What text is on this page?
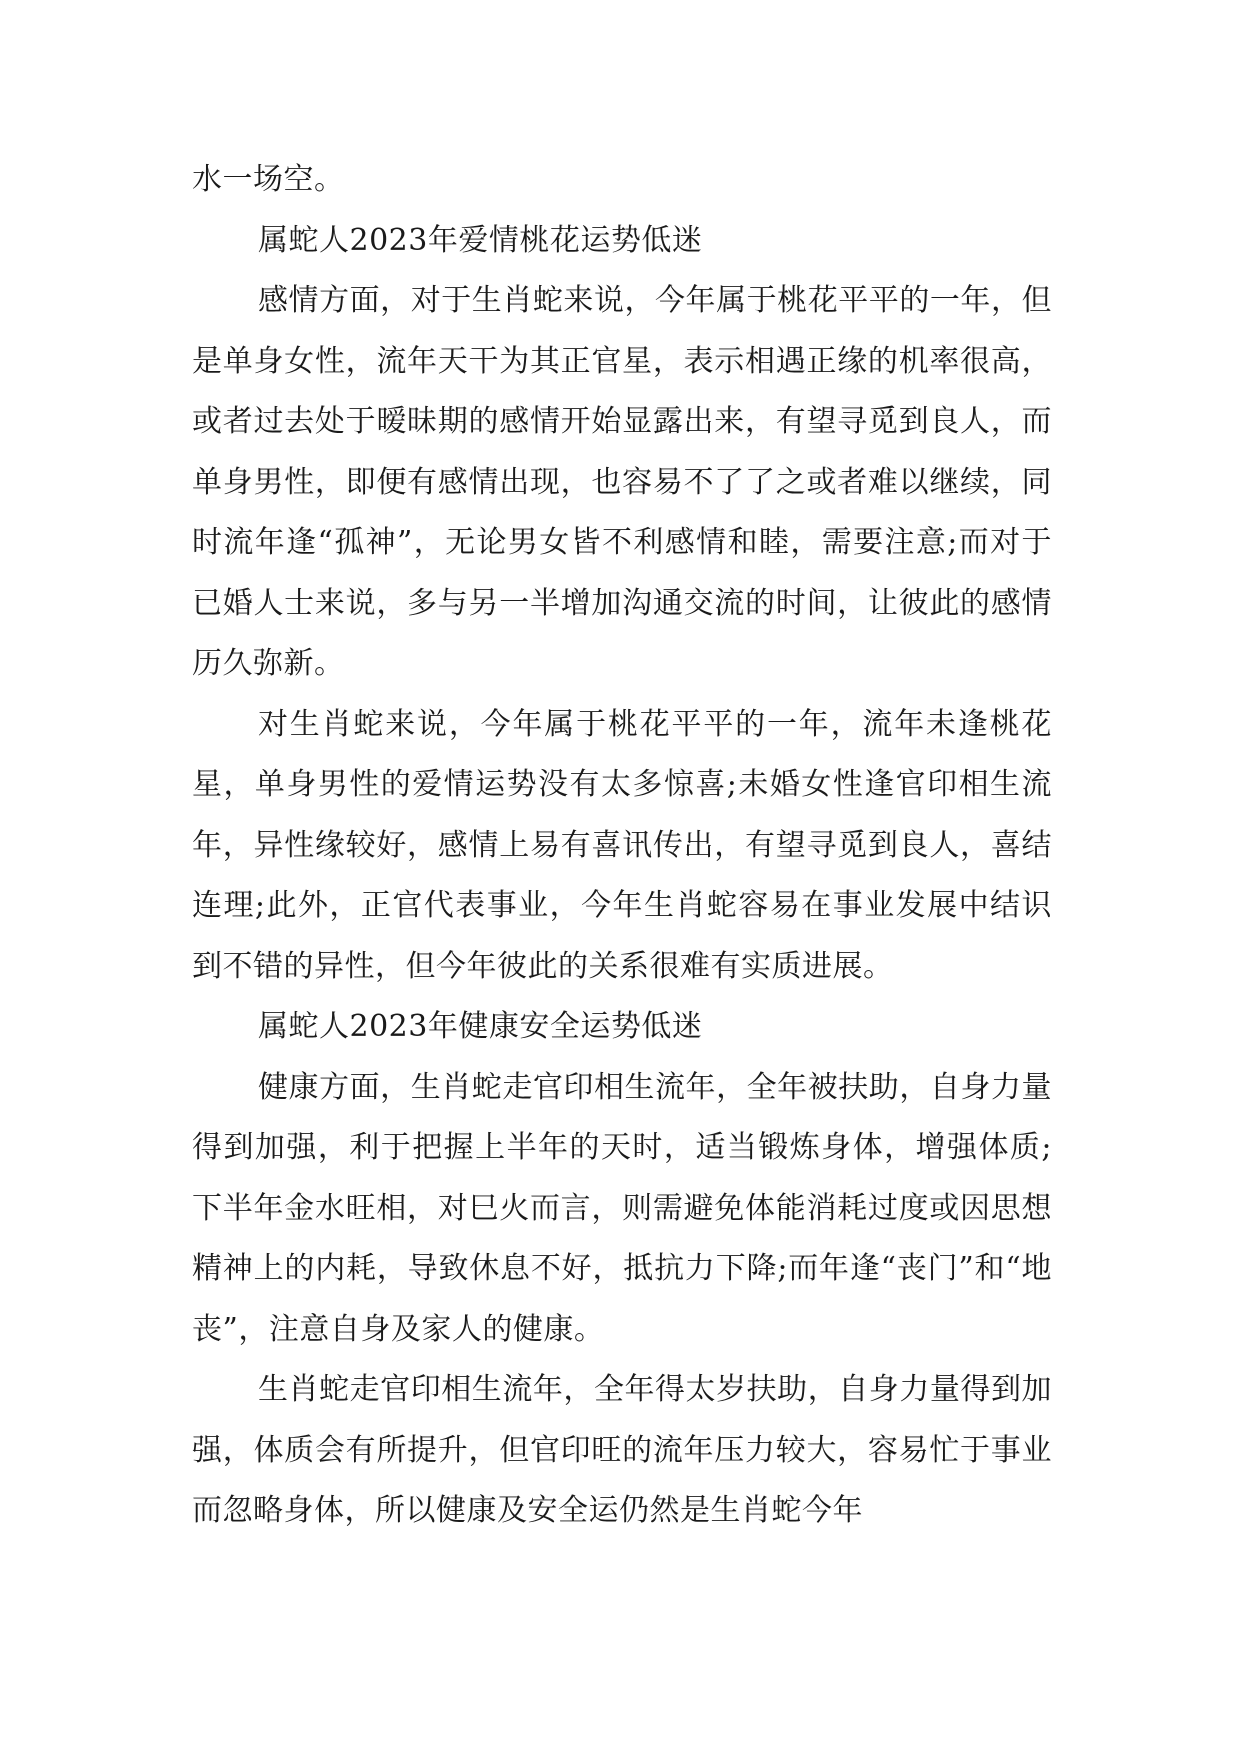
水一场空。

属蛇人2023年爱情桃花运势低迷

感情方面，对于生肖蛇来说，今年属于桃花平平的一年，但是单身女性，流年天干为其正官星，表示相遇正缘的机率很高，或者过去处于暧昧期的感情开始显露出来，有望寻觅到良人，而单身男性，即便有感情出现，也容易不了了之或者难以继续，同时流年逢“孤神”，无论男女皆不利感情和睦，需要注意;而对于已婚人士来说，多与另一半增加沟通交流的时间，让彼此的感情历久弥新。

对生肖蛇来说，今年属于桃花平平的一年，流年未逢桃花星，单身男性的爱情运势没有太多惊喜;未婚女性逢官印相生流年，异性缘较好，感情上易有喜讯传出，有望寻觅到良人，喜结连理;此外，正官代表事业，今年生肖蛇容易在事业发展中结识到不错的异性，但今年彼此的关系很难有实质进展。

属蛇人2023年健康安全运势低迷

健康方面，生肖蛇走官印相生流年，全年被扶助，自身力量得到加强，利于把握上半年的天时，适当锻炼身体，增强体质;下半年金水旺相，对巳火而言，则需避免体能消耗过度或因思想精神上的内耗，导致休息不好，抵抗力下降;而年逢“丧门”和“地丧”，注意自身及家人的健康。

生肖蛇走官印相生流年，全年得太岁扶助，自身力量得到加强，体质会有所提升，但官印旺的流年压力较大，容易忙于事业而忽略身体，所以健康及安全运仍然是生肖蛇今年
